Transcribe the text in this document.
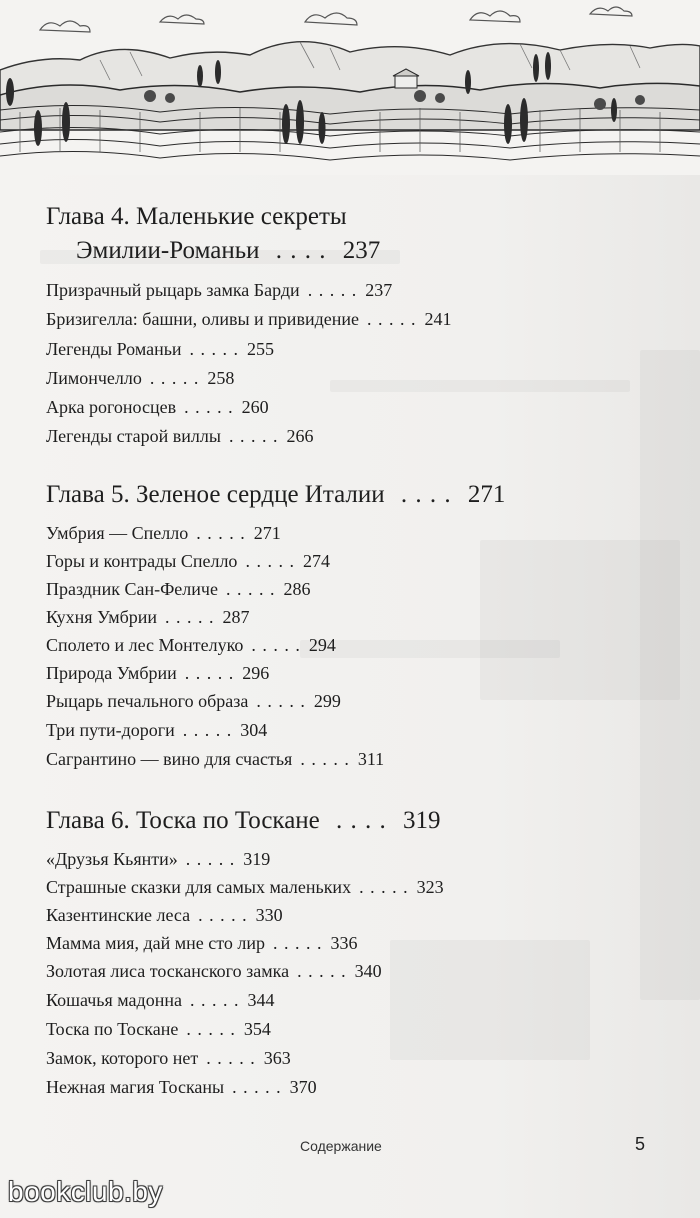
Глава 4. Маленькие секреты
Эмилии-Романьи . . . . 237
Призрачный рыцарь замка Барди . . . . . 237
Бризигелла: башни, оливы и привидение . . . . . 241
Легенды Романьи . . . . . 255
Лимончелло . . . . . 258
Арка рогоносцев . . . . . 260
Легенды старой виллы . . . . . 266
Глава 5. Зеленое сердце Италии . . . . 271
Умбрия — Спелло . . . . . 271
Горы и контрады Спелло . . . . . 274
Праздник Сан-Феличе . . . . . 286
Кухня Умбрии . . . . . 287
Сполето и лес Монтелуко . . . . . 294
Природа Умбрии . . . . . 296
Рыцарь печального образа . . . . . 299
Три пути-дороги . . . . . 304
Сагрантино — вино для счастья . . . . . 311
Глава 6. Тоска по Тоскане . . . . 319
«Друзья Кьянти» . . . . . 319
Страшные сказки для самых маленьких . . . . . 323
Казентинские леса . . . . . 330
Мамма мия, дай мне сто лир . . . . . 336
Золотая лиса тосканского замка . . . . . 340
Кошачья мадонна . . . . . 344
Тоска по Тоскане . . . . . 354
Замок, которого нет . . . . . 363
Нежная магия Тосканы . . . . . 370
Содержание	5
bookclub.by
